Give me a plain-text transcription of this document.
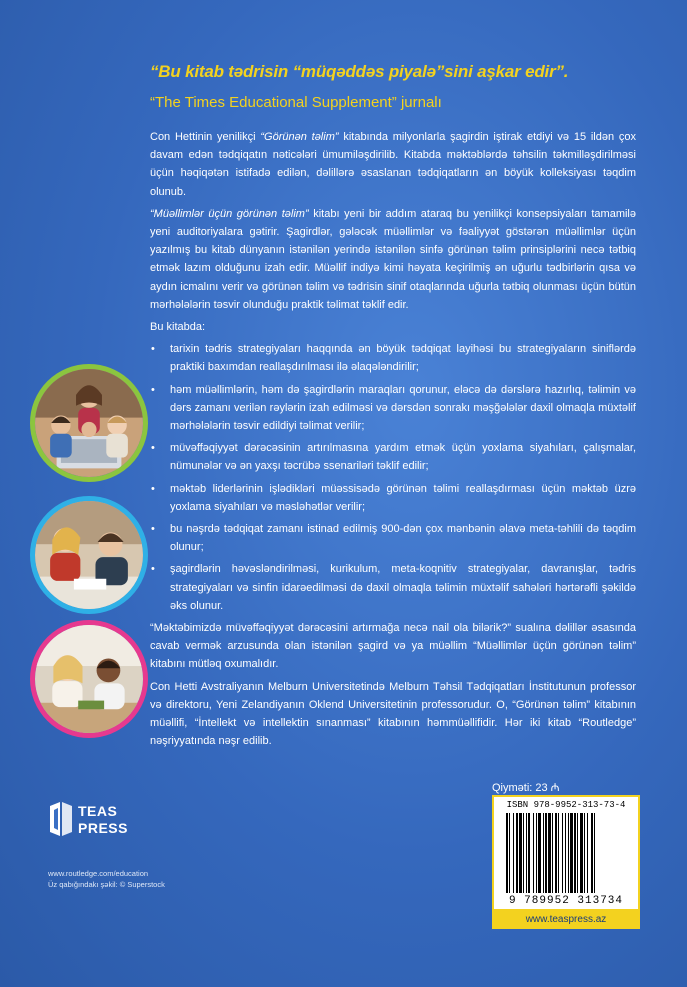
“Bu kitab tədrisin “müqəddəs piyalə”sini aşkar edir”.
“The Times Educational Supplement” jurnalı

Con Hettinin yenilikçi “Görünən təlim” kitabında milyonlarla şagirdin iştirak etdiyi və 15 ildən çox davam edən tədqiqatın nəticələri ümumiləşdirilib. Kitabda məktəblərdə təhsilin təkmilləşdirilməsi üçün həqiqətən istifadə edilən, dəlillərə əsaslanan tədqiqatların ən böyük kolleksiyası təqdim olunub.

“Müəllimlər üçün görünən təlim” kitabı yeni bir addım ataraq bu yenilikçi konsepsiyaları tamamilə yeni auditoriyalara gətirir. Şagirdlər, gələcək müəllimlər və fəaliyyət göstərən müəllimlər üçün yazılmış bu kitab dünyanın istənilən yerində istənilən sinfə görünən təlim prinsiplərini necə tətbiq etmək lazım olduğunu izah edir. Müəllif indiyə kimi həyata keçirilmiş ən uğurlu tədbirlərin qısa və aydın icmalını verir və görünən təlim və tədrisin sinif otaqlarında uğurla tətbiq olunması üçün bütün mərhələlərin təsvir olunduğu praktik təlimat təklif edir.

Bu kitabda:

• tarixin tədris strategiyaları haqqında ən böyük tədqiqat layihəsi bu strategiyaların siniflərdə praktiki baxımdan reallaşdırılması ilə əlaqələndirilir;
• həm müəllimlərin, həm də şagirdlərin maraqları qorunur, eləcə də dərslərə hazırlıq, təlimin və dərs zamanı verilən rəylərin izah edilməsi və dərsdən sonrakı məşğələlər daxil olmaqla müxtəlif mərhələlərin təsvir edildiyi təlimat verilir;
• müvəffəqiyyət dərəcəsinin artırılmasına yardım etmək üçün yoxlama siyahıları, çalışmalar, nümunələr və ən yaxşı təcrübə ssenariləri təklif edilir;
• məktəb liderlərinin işlədikləri müəssisədə görünən təlimi reallaşdırması üçün məktəb üzrə yoxlama siyahıları və məsləhətlər verilir;
• bu nəşrdə tədqiqat zamanı istinad edilmiş 900-dən çox mənbənin əlavə meta-təhlili də təqdim olunur;
• şagirdlərin həvəsləndirilməsi, kurikulum, meta-koqnitiv strategiyalar, davranışlar, tədris strategiyaları və sinfin idarəedilməsi də daxil olmaqla təlimin müxtəlif sahələri hərtərəfli şəkildə əks olunur.

“Məktəbimizdə müvəffəqiyyət dərəcəsini artırmağa necə nail ola bilərik?” sualına dəlillər əsasında cavab vermək arzusunda olan istənilən şagird və ya müəllim “Müəllimlər üçün görünən təlim” kitabını mütləq oxumalıdır.

Con Hetti Avstraliyanın Melburn Universitetində Melburn Təhsil Tədqiqatları İnstitutunun professor və direktoru, Yeni Zelandiyanın Oklend Universitetinin professorudur. O, “Görünən təlim” kitabının müəllifi, “İntellekt və intellektin sınanması” kitabının həmmüəllifidir. Hər iki kitab “Routledge” nəşriyyatında nəşr edilib.

Qiyməti: 23 ₼
ISBN 978-9952-313-73-4
9 789952 313734
www.teaspress.az
TEAS
PRESS
www.routledge.com/education
Üz qabığındakı şəkil: © Superstock
